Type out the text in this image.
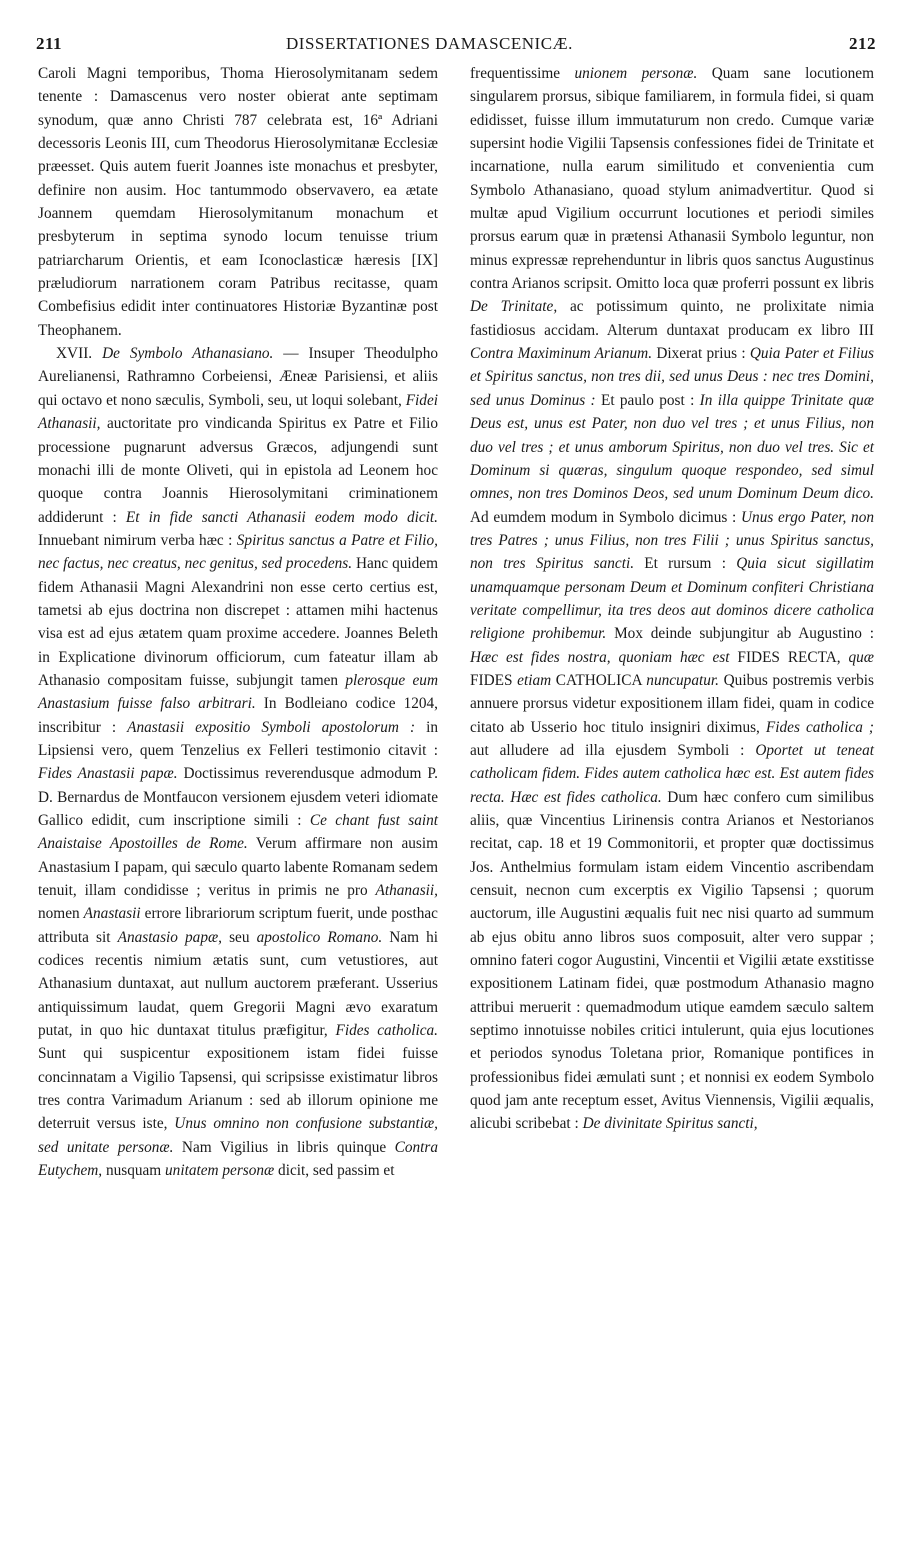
211	DISSERTATIONES DAMASCENICÆ.	212

Caroli Magni temporibus, Thoma Hierosolymitanam sedem tenente : Damascenus vero noster obierat ante septimam synodum, quæ anno Christi 787 celebrata est, 16ª Adriani decessoris Leonis III, cum Theodorus Hierosolymitanæ Ecclesiæ præesset. Quis autem fuerit Joannes iste monachus et presbyter, definire non ausim. Hoc tantummodo observavero, ea ætate Joannem quemdam Hierosolymitanum monachum et presbyterum in septima synodo locum tenuisse trium patriarcharum Orientis, et eam Iconoclasticæ hæresis [IX] præludiorum narrationem coram Patribus recitasse, quam Combefisius edidit inter continuatores Historiæ Byzantinæ post Theophanem.

XVII. De Symbolo Athanasiano. — Insuper Theodulpho Aurelianensi, Rathramno Corbeiensi, Æneæ Parisiensi, et aliis qui octavo et nono sæculis, Symboli, seu, ut loqui solebant, Fidei Athanasii, auctoritate pro vindicanda Spiritus ex Patre et Filio processione pugnarunt adversus Græcos, adjungendi sunt monachi illi de monte Oliveti, qui in epistola ad Leonem hoc quoque contra Joannis Hierosolymitani criminationem addiderunt : Et in fide sancti Athanasii eodem modo dicit. Innuebant nimirum verba hæc : Spiritus sanctus a Patre et Filio, nec factus, nec creatus, nec genitus, sed procedens. Hanc quidem fidem Athanasii Magni Alexandrini non esse certo certius est, tametsi ab ejus doctrina non discrepet : attamen mihi hactenus visa est ad ejus ætatem quam proxime accedere. Joannes Beleth in Explicatione divinorum officiorum, cum fateatur illam ab Athanasio compositam fuisse, subjungit tamen plerosque eum Anastasium fuisse falso arbitrari. In Bodleiano codice 1204, inscribitur : Anastasii expositio Symboli apostolorum : in Lipsiensi vero, quem Tenzelius ex Felleri testimonio citavit : Fides Anastasii papæ. Doctissimus reverendusque admodum P. D. Bernardus de Montfaucon versionem ejusdem veteri idiomate Gallico edidit, cum inscriptione simili : Ce chant fust saint Anaistaise Apostoilles de Rome. Verum affirmare non ausim Anastasium I papam, qui sæculo quarto labente Romanam sedem tenuit, illam condidisse ; veritus in primis ne pro Athanasii, nomen Anastasii errore librariorum scriptum fuerit, unde posthac attributa sit Anastasio papæ, seu apostolico Romano. Nam hi codices recentis nimium ætatis sunt, cum vetustiores, aut Athanasium duntaxat, aut nullum auctorem præferant. Usserius antiquissimum laudat, quem Gregorii Magni ævo exaratum putat, in quo hic duntaxat titulus præfigitur, Fides catholica. Sunt qui suspicentur expositionem istam fidei fuisse concinnatam a Vigilio Tapsensi, qui scripsisse existimatur libros tres contra Varimadum Arianum : sed ab illorum opinione me deterruit versus iste, Unus omnino non confusione substantiæ, sed unitate personæ. Nam Vigilius in libris quinque Contra Eutychem, nusquam unitatem personæ dicit, sed passim et

frequentissime unionem personæ. Quam sane locutionem singularem prorsus, sibique familiarem, in formula fidei, si quam edidisset, fuisse illum immutaturum non credo. Cumque variæ supersint hodie Vigilii Tapsensis confessiones fidei de Trinitate et incarnatione, nulla earum similitudo et convenientia cum Symbolo Athanasiano, quoad stylum animadvertitur. Quod si multæ apud Vigilium occurrunt locutiones et periodi similes prorsus earum quæ in prætensi Athanasii Symbolo leguntur, non minus expressæ reprehenduntur in libris quos sanctus Augustinus contra Arianos scripsit. Omitto loca quæ proferri possunt ex libris De Trinitate, ac potissimum quinto, ne prolixitate nimia fastidiosus accidam. Alterum duntaxat producam ex libro III Contra Maximinum Arianum. Dixerat prius : Quia Pater et Filius et Spiritus sanctus, non tres dii, sed unus Deus : nec tres Domini, sed unus Dominus : Et paulo post : In illa quippe Trinitate quæ Deus est, unus est Pater, non duo vel tres ; et unus Filius, non duo vel tres ; et unus amborum Spiritus, non duo vel tres. Sic et Dominum si quæras, singulum quoque respondeo, sed simul omnes, non tres Dominos Deos, sed unum Dominum Deum dico. Ad eumdem modum in Symbolo dicimus : Unus ergo Pater, non tres Patres ; unus Filius, non tres Filii ; unus Spiritus sanctus, non tres Spiritus sancti. Et rursum : Quia sicut sigillatim unamquamque personam Deum et Dominum confiteri Christiana veritate compellimur, ita tres deos aut dominos dicere catholica religione prohibemur. Mox deinde subjungitur ab Augustino : Hæc est fides nostra, quoniam hæc est FIDES RECTA, quæ FIDES etiam CATHOLICA nuncupatur. Quibus postremis verbis annuere prorsus videtur expositionem illam fidei, quam in codice citato ab Usserio hoc titulo insigniri diximus, Fides catholica ; aut alludere ad illa ejusdem Symboli : Oportet ut teneat catholicam fidem. Fides autem catholica hæc est. Est autem fides recta. Hæc est fides catholica. Dum hæc confero cum similibus aliis, quæ Vincentius Lirinensis contra Arianos et Nestorianos recitat, cap. 18 et 19 Commonitorii, et propter quæ doctissimus Jos. Anthelmius formulam istam eidem Vincentio ascribendam censuit, necnon cum excerptis ex Vigilio Tapsensi ; quorum auctorum, ille Augustini æqualis fuit nec nisi quarto ad summum ab ejus obitu anno libros suos composuit, alter vero suppar ; omnino fateri cogor Augustini, Vincentii et Vigilii ætate exstitisse expositionem Latinam fidei, quæ postmodum Athanasio magno attribui meruerit : quemadmodum utique eamdem sæculo saltem septimo innotuisse nobiles critici intulerunt, quia ejus locutiones et periodos synodus Toletana prior, Romanique pontifices in professionibus fidei æmulati sunt ; et nonnisi ex eodem Symbolo quod jam ante receptum esset, Avitus Viennensis, Vigilii æqualis, alicubi scribebat : De divinitate Spiritus sancti,
